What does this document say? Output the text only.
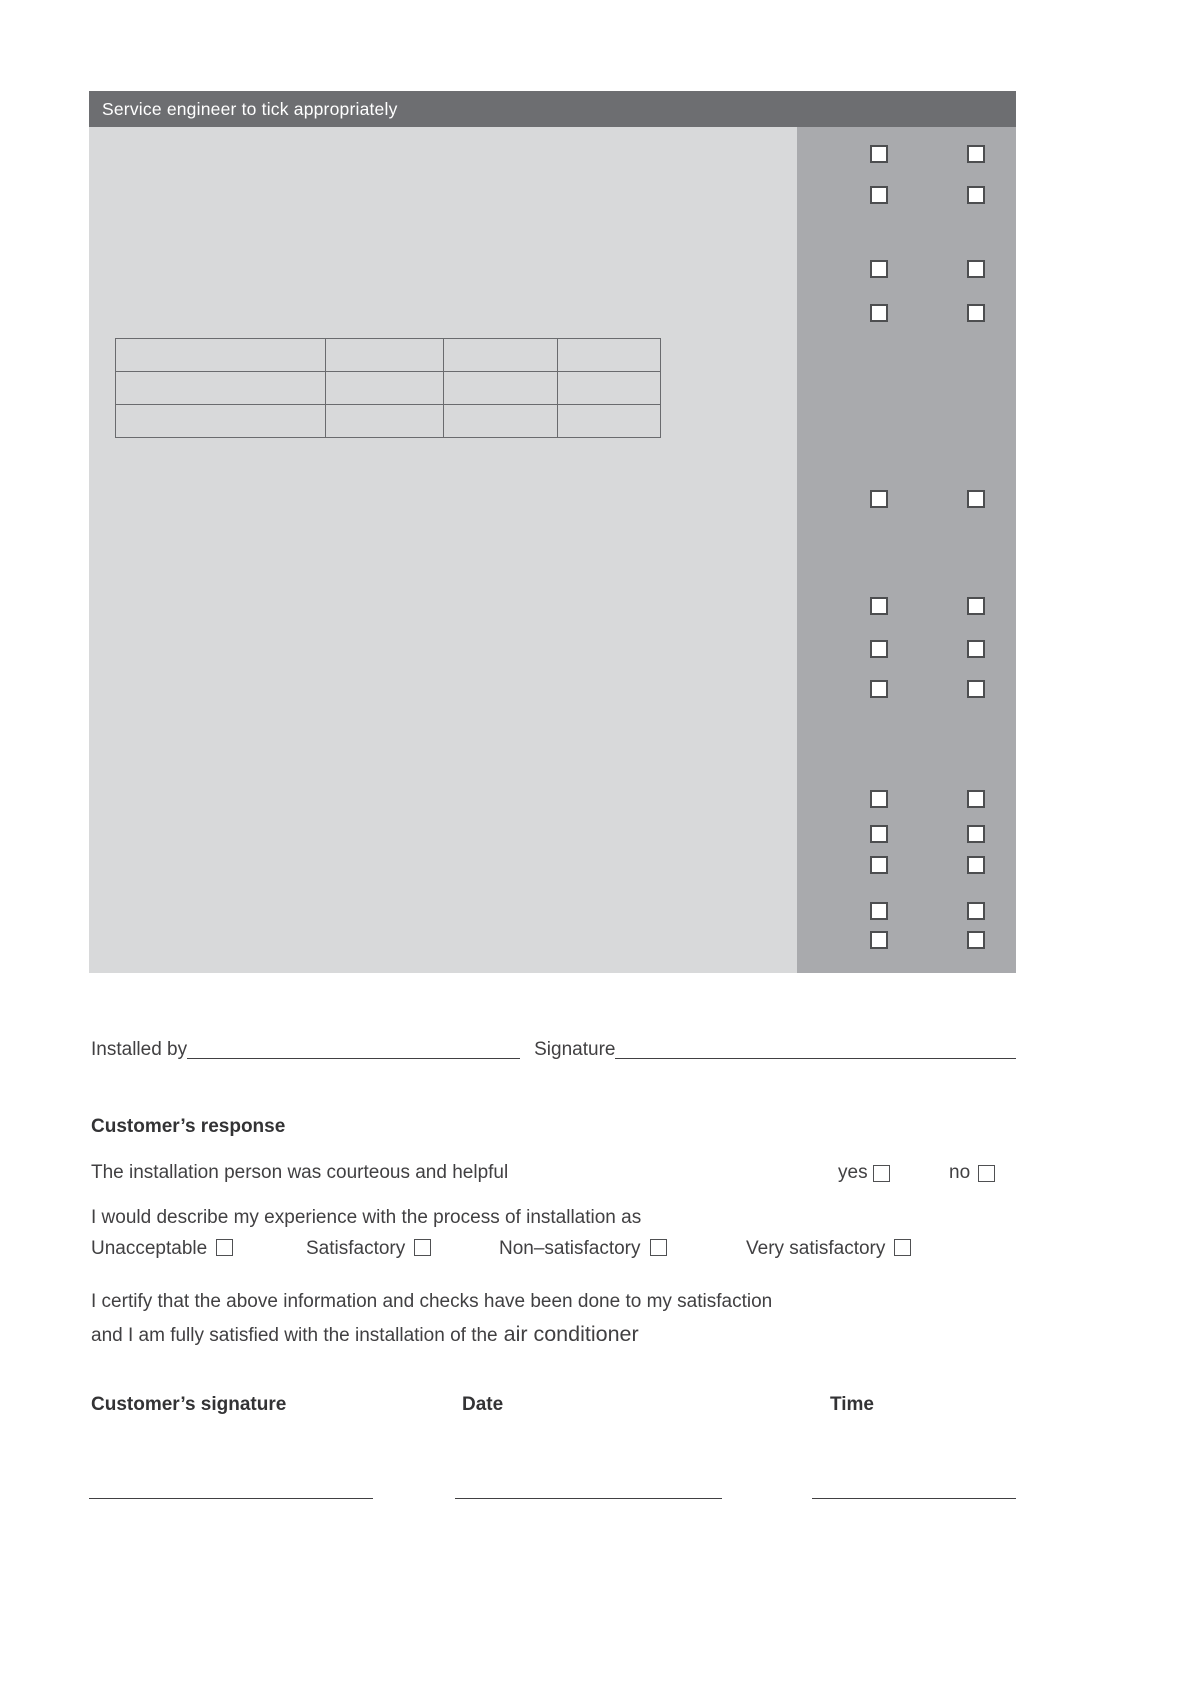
Service engineer to tick appropriately

Installed by	Signature
Customer’s response
The installation person was courteous and helpful	yes	no
I would describe my experience with the process of installation as
Unacceptable	Satisfactory	Non–satisfactory	Very satisfactory
I certify that the above information and checks have been done to my satisfaction
and I am fully satisfied with the installation of the air conditioner
Customer’s signature	Date	Time
